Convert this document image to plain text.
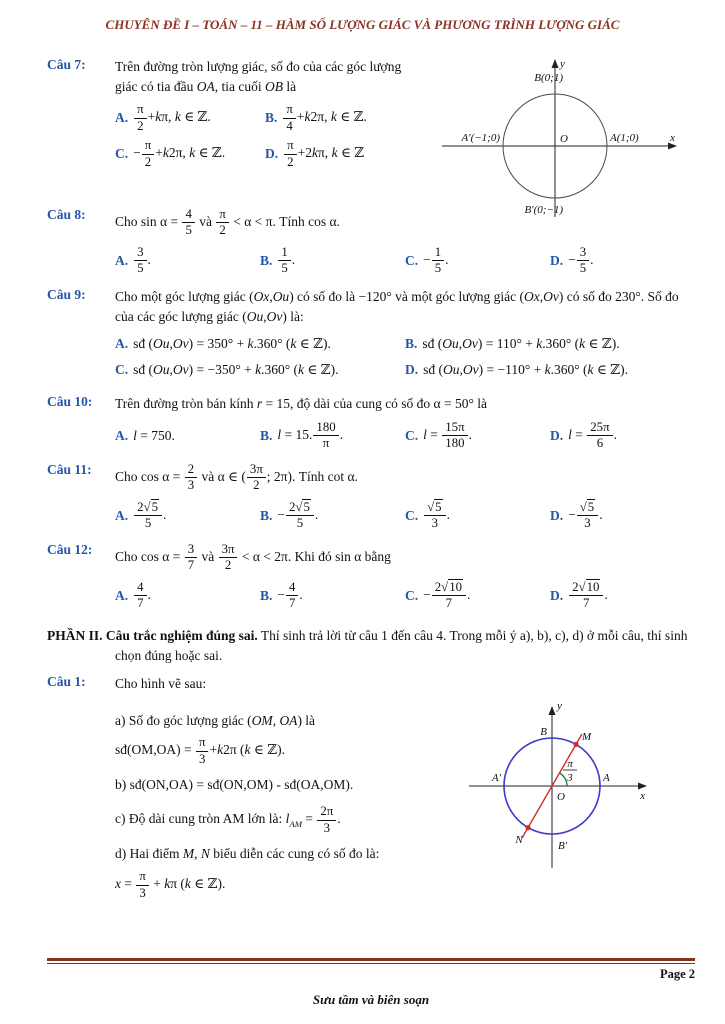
CHUYÊN ĐỀ I – TOÁN – 11 – HÀM SỐ LƯỢNG GIÁC VÀ PHƯƠNG TRÌNH LƯỢNG GIÁC
Câu 7:	Trên đường tròn lượng giác, số đo của các góc lượng giác có tia đầu OA, tia cuối OB là
A. $\frac{\pi}{2} +k\pi$, k ∈ ℤ.	B. $\frac{\pi}{4} +k2\pi$, k ∈ ℤ.
C. − $\frac{\pi}{2} +k2\pi$, k ∈ ℤ.	D. $\frac{\pi}{2} +2k\pi$, k ∈ ℤ
y
x
B(0;1)
A′(−1;0)	O	A(1;0)
B′(0;−1)
Câu 8:	Cho $\sin \alpha = \frac{4}{5}$ và $\frac{\pi}{2} < \alpha < \pi$. Tính cos α.
A. $\frac{3}{5}$ .	B. $\frac{1}{5}$ .	C. − $\frac{1}{5}$ .	D. − $\frac{3}{5}$ .
Câu 9:	Cho một góc lượng giác (Ox,Ou) có số đo là −120° và một góc lượng giác (Ox,Ov) có số đo 230°. Số đo của các góc lượng giác (Ou,Ov) là:
A. sđ (Ou,Ov) = 350° + k.360° (k ∈ ℤ).	B. sđ (Ou,Ov) = 110° + k.360° (k ∈ ℤ).
C. sđ (Ou,Ov) = −350° + k.360° (k ∈ ℤ).	D. sđ (Ou,Ov) = −110° + k.360° (k ∈ ℤ).
Câu 10:	Trên đường tròn bán kính r = 15, độ dài của cung có số đo α = 50° là
A. l = 750.	B. l = 15. $\frac{180}{\pi}$ .	C. $l = \frac{15\pi}{180}$ .	D. $l = \frac{25\pi}{6}$ .
Câu 11:	Cho $\cos \alpha = \frac{2}{3}$ và α ∈ ( $\frac{3\pi}{2}$ ; 2π). Tính cot α.
A. $\frac{2√5}{5}$ .	B. − $\frac{2√5}{5}$ .	C. $\frac{√5}{3}$ .	D. − $\frac{√5}{3}$ .
Câu 12:	Cho $\cos \alpha = \frac{3}{7}$ và $\frac{3\pi}{2} < \alpha < 2\pi$. Khi đó sin α bằng
A. $\frac{4}{7}$ .	B. − $\frac{4}{7}$ .	C. − $\frac{2√10}{7}$ .	D. $\frac{2√10}{7}$ .
PHẦN II. Câu trắc nghiệm đúng sai. Thí sinh trả lời từ câu 1 đến câu 4. Trong mỗi ý a), b), c), d) ở mỗi câu, thí sinh chọn đúng hoặc sai.
Câu 1:	Cho hình vẽ sau:
a) Số đo góc lượng giác (OM, OA) là
sđ(OM,OA) = $\frac{\pi}{3} +k2\pi$ (k ∈ ℤ).
b) sđ(ON,OA) = sđ(ON,OM) - sđ(OA,OM).
c) Độ dài cung tròn AM lớn là: $l_{AM} = \frac{2\pi}{3}$ .
d) Hai điểm M, N biểu diễn các cung có số đo là:
$x = \frac{\pi}{3} + k\pi$ (k ∈ ℤ).
y
B	M
A′	A
x
O
π
3
N	B′
Page 2
Sưu tầm và biên soạn
